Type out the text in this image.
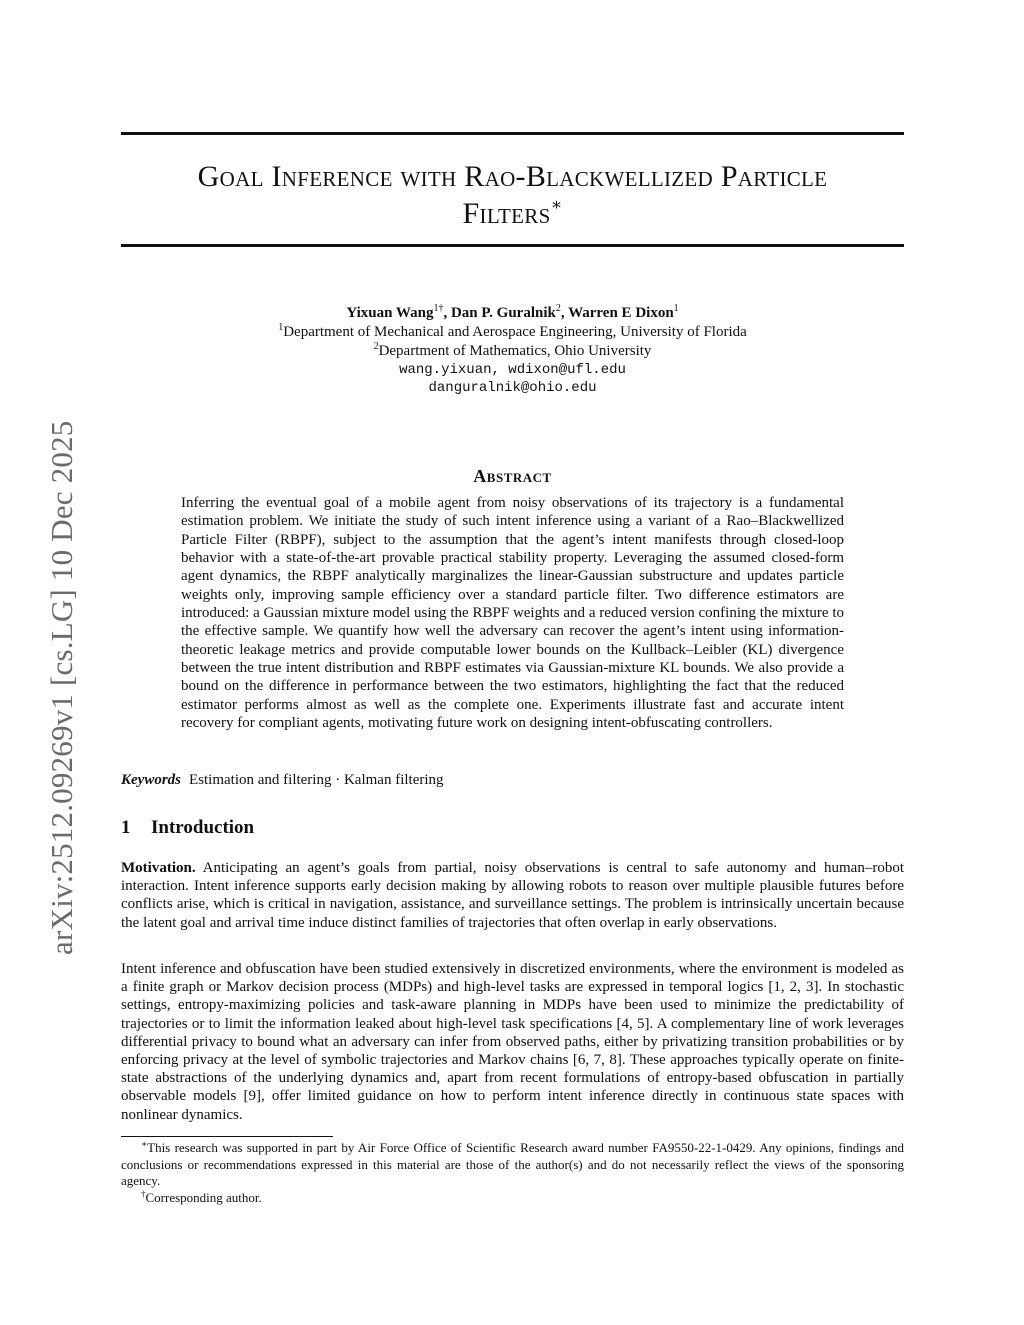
arXiv:2512.09269v1 [cs.LG] 10 Dec 2025
Goal Inference with Rao-Blackwellized Particle
Filters∗
Yixuan Wang$^{1\dagger}$, Dan P. Guralnik$^2$, Warren E Dixon$^1$
$^1$Department of Mechanical and Aerospace Engineering, University of Florida
$^2$Department of Mathematics, Ohio University
wang.yixuan, wdixon@ufl.edu
danguralnik@ohio.edu
Abstract
Inferring the eventual goal of a mobile agent from noisy observations of its trajectory is a fundamental estimation problem. We initiate the study of such intent inference using a variant of a Rao–Blackwellized Particle Filter (RBPF), subject to the assumption that the agent’s intent manifests through closed-loop behavior with a state-of-the-art provable practical stability property. Leveraging the assumed closed-form agent dynamics, the RBPF analytically marginalizes the linear-Gaussian substructure and updates particle weights only, improving sample efficiency over a standard particle filter. Two difference estimators are introduced: a Gaussian mixture model using the RBPF weights and a reduced version confining the mixture to the effective sample. We quantify how well the adversary can recover the agent’s intent using information-theoretic leakage metrics and provide computable lower bounds on the Kullback–Leibler (KL) divergence between the true intent distribution and RBPF estimates via Gaussian-mixture KL bounds. We also provide a bound on the difference in performance between the two estimators, highlighting the fact that the reduced estimator performs almost as well as the complete one. Experiments illustrate fast and accurate intent recovery for compliant agents, motivating future work on designing intent-obfuscating controllers.
Keywords Estimation and filtering · Kalman filtering
1 Introduction
Motivation. Anticipating an agent’s goals from partial, noisy observations is central to safe autonomy and human–robot interaction. Intent inference supports early decision making by allowing robots to reason over multiple plausible futures before conflicts arise, which is critical in navigation, assistance, and surveillance settings. The problem is intrinsically uncertain because the latent goal and arrival time induce distinct families of trajectories that often overlap in early observations.
Intent inference and obfuscation have been studied extensively in discretized environments, where the environment is modeled as a finite graph or Markov decision process (MDPs) and high-level tasks are expressed in temporal logics [1, 2, 3]. In stochastic settings, entropy-maximizing policies and task-aware planning in MDPs have been used to minimize the predictability of trajectories or to limit the information leaked about high-level task specifications [4, 5]. A complementary line of work leverages differential privacy to bound what an adversary can infer from observed paths, either by privatizing transition probabilities or by enforcing privacy at the level of symbolic trajectories and Markov chains [6, 7, 8]. These approaches typically operate on finite-state abstractions of the underlying dynamics and, apart from recent formulations of entropy-based obfuscation in partially observable models [9], offer limited guidance on how to perform intent inference directly in continuous state spaces with nonlinear dynamics.

∗This research was supported in part by Air Force Office of Scientific Research award number FA9550-22-1-0429. Any opinions, findings and conclusions or recommendations expressed in this material are those of the author(s) and do not necessarily reflect the views of the sponsoring agency.

†Corresponding author.
